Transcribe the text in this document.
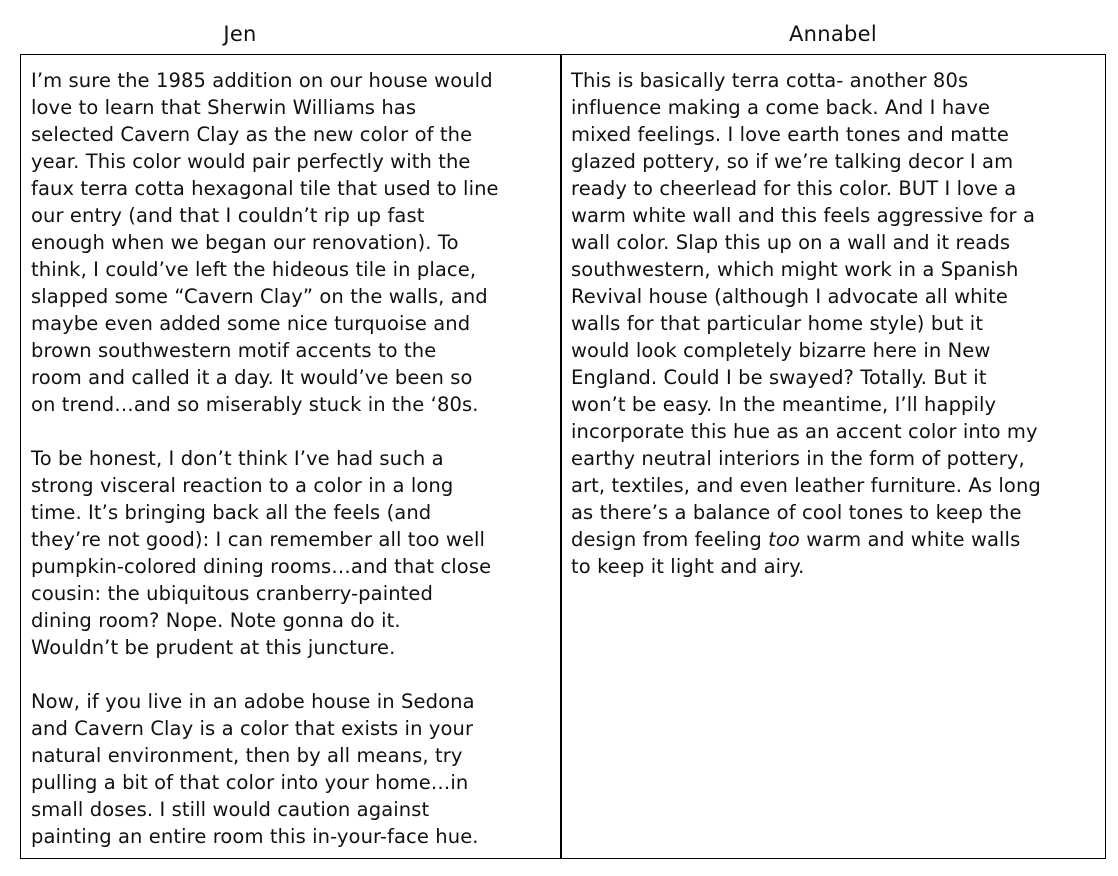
Jen	Annabel
I’m sure the 1985 addition on our house would
love to learn that Sherwin Williams has
selected Cavern Clay as the new color of the
year. This color would pair perfectly with the
faux terra cotta hexagonal tile that used to line
our entry (and that I couldn’t rip up fast
enough when we began our renovation). To
think, I could’ve left the hideous tile in place,
slapped some “Cavern Clay” on the walls, and
maybe even added some nice turquoise and
brown southwestern motif accents to the
room and called it a day. It would’ve been so
on trend…and so miserably stuck in the ‘80s.
To be honest, I don’t think I’ve had such a
strong visceral reaction to a color in a long
time. It’s bringing back all the feels (and
they’re not good): I can remember all too well
pumpkin-colored dining rooms…and that close
cousin: the ubiquitous cranberry-painted
dining room? Nope. Note gonna do it.
Wouldn’t be prudent at this juncture.
Now, if you live in an adobe house in Sedona
and Cavern Clay is a color that exists in your
natural environment, then by all means, try
pulling a bit of that color into your home…in
small doses. I still would caution against
painting an entire room this in-your-face hue.
This is basically terra cotta- another 80s
influence making a come back. And I have
mixed feelings. I love earth tones and matte
glazed pottery, so if we’re talking decor I am
ready to cheerlead for this color. BUT I love a
warm white wall and this feels aggressive for a
wall color. Slap this up on a wall and it reads
southwestern, which might work in a Spanish
Revival house (although I advocate all white
walls for that particular home style) but it
would look completely bizarre here in New
England. Could I be swayed? Totally. But it
won’t be easy. In the meantime, I’ll happily
incorporate this hue as an accent color into my
earthy neutral interiors in the form of pottery,
art, textiles, and even leather furniture. As long
as there’s a balance of cool tones to keep the
design from feeling too warm and white walls
to keep it light and airy.
